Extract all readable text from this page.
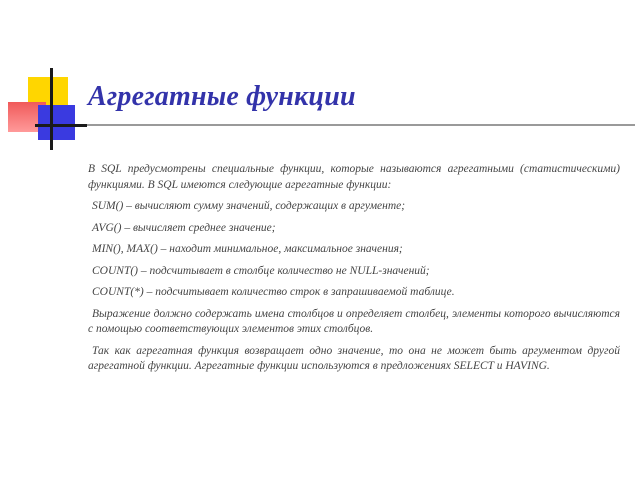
Агрегатные функции

В SQL предусмотрены специальные функции, которые называются агрегатными (статистическими) функциями. В SQL имеются следующие агрегатные функции:

SUM() – вычисляют сумму значений, содержащих в аргументе;

AVG() – вычисляет среднее значение;

MIN(), MAX() – находит минимальное, максимальное значения;

COUNT() – подсчитывает в столбце количество не NULL-значений;

COUNT(*) – подсчитывает количество строк в запрашиваемой таблице.

Выражение должно содержать имена столбцов и определяет столбец, элементы которого вычисляются с помощью соответствующих элементов этих столбцов.

Так как агрегатная функция возвращает одно значение, то она не может быть аргументом другой агрегатной функции. Агрегатные функции используются в предложениях SELECT и HAVING.
